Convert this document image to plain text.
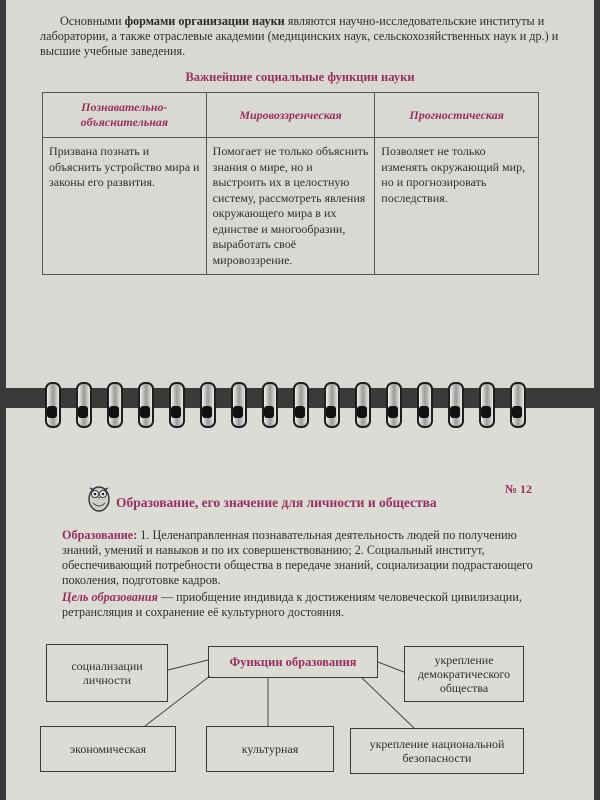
Основными формами организации науки являются научно-исследовательские институты и лаборатории, а также отраслевые академии (медицинских наук, сельскохозяйственных наук и др.) и высшие учебные заведения.

Важнейшие социальные функции науки
Познавательно-объяснительная	Мировоззренческая	Прогностическая
Призвана познать и объяснить устройство мира и законы его развития.	Помогает не только объяснить знания о мире, но и выстроить их в целостную систему, рассмотреть явления окружающего мира в их единстве и многообразии, выработать своё мировоззрение.	Позволяет не только изменять окружающий мир, но и прогнозировать последствия.
Образование, его значение для личности и общества
№ 12

Образование: 1. Целенаправленная познавательная деятельность людей по получению знаний, умений и навыков и по их совершенствованию; 2. Социальный институт, обеспечивающий потребности общества в передаче знаний, социализации подрастающего поколения, подготовке кадров.

Цель образования — приобщение индивида к достижениям человеческой цивилизации, ретрансляция и сохранение её культурного достояния.

социализации личности
Функции образования	укрепление демократического общества
экономическая	культурная	укрепление национальной безопасности
